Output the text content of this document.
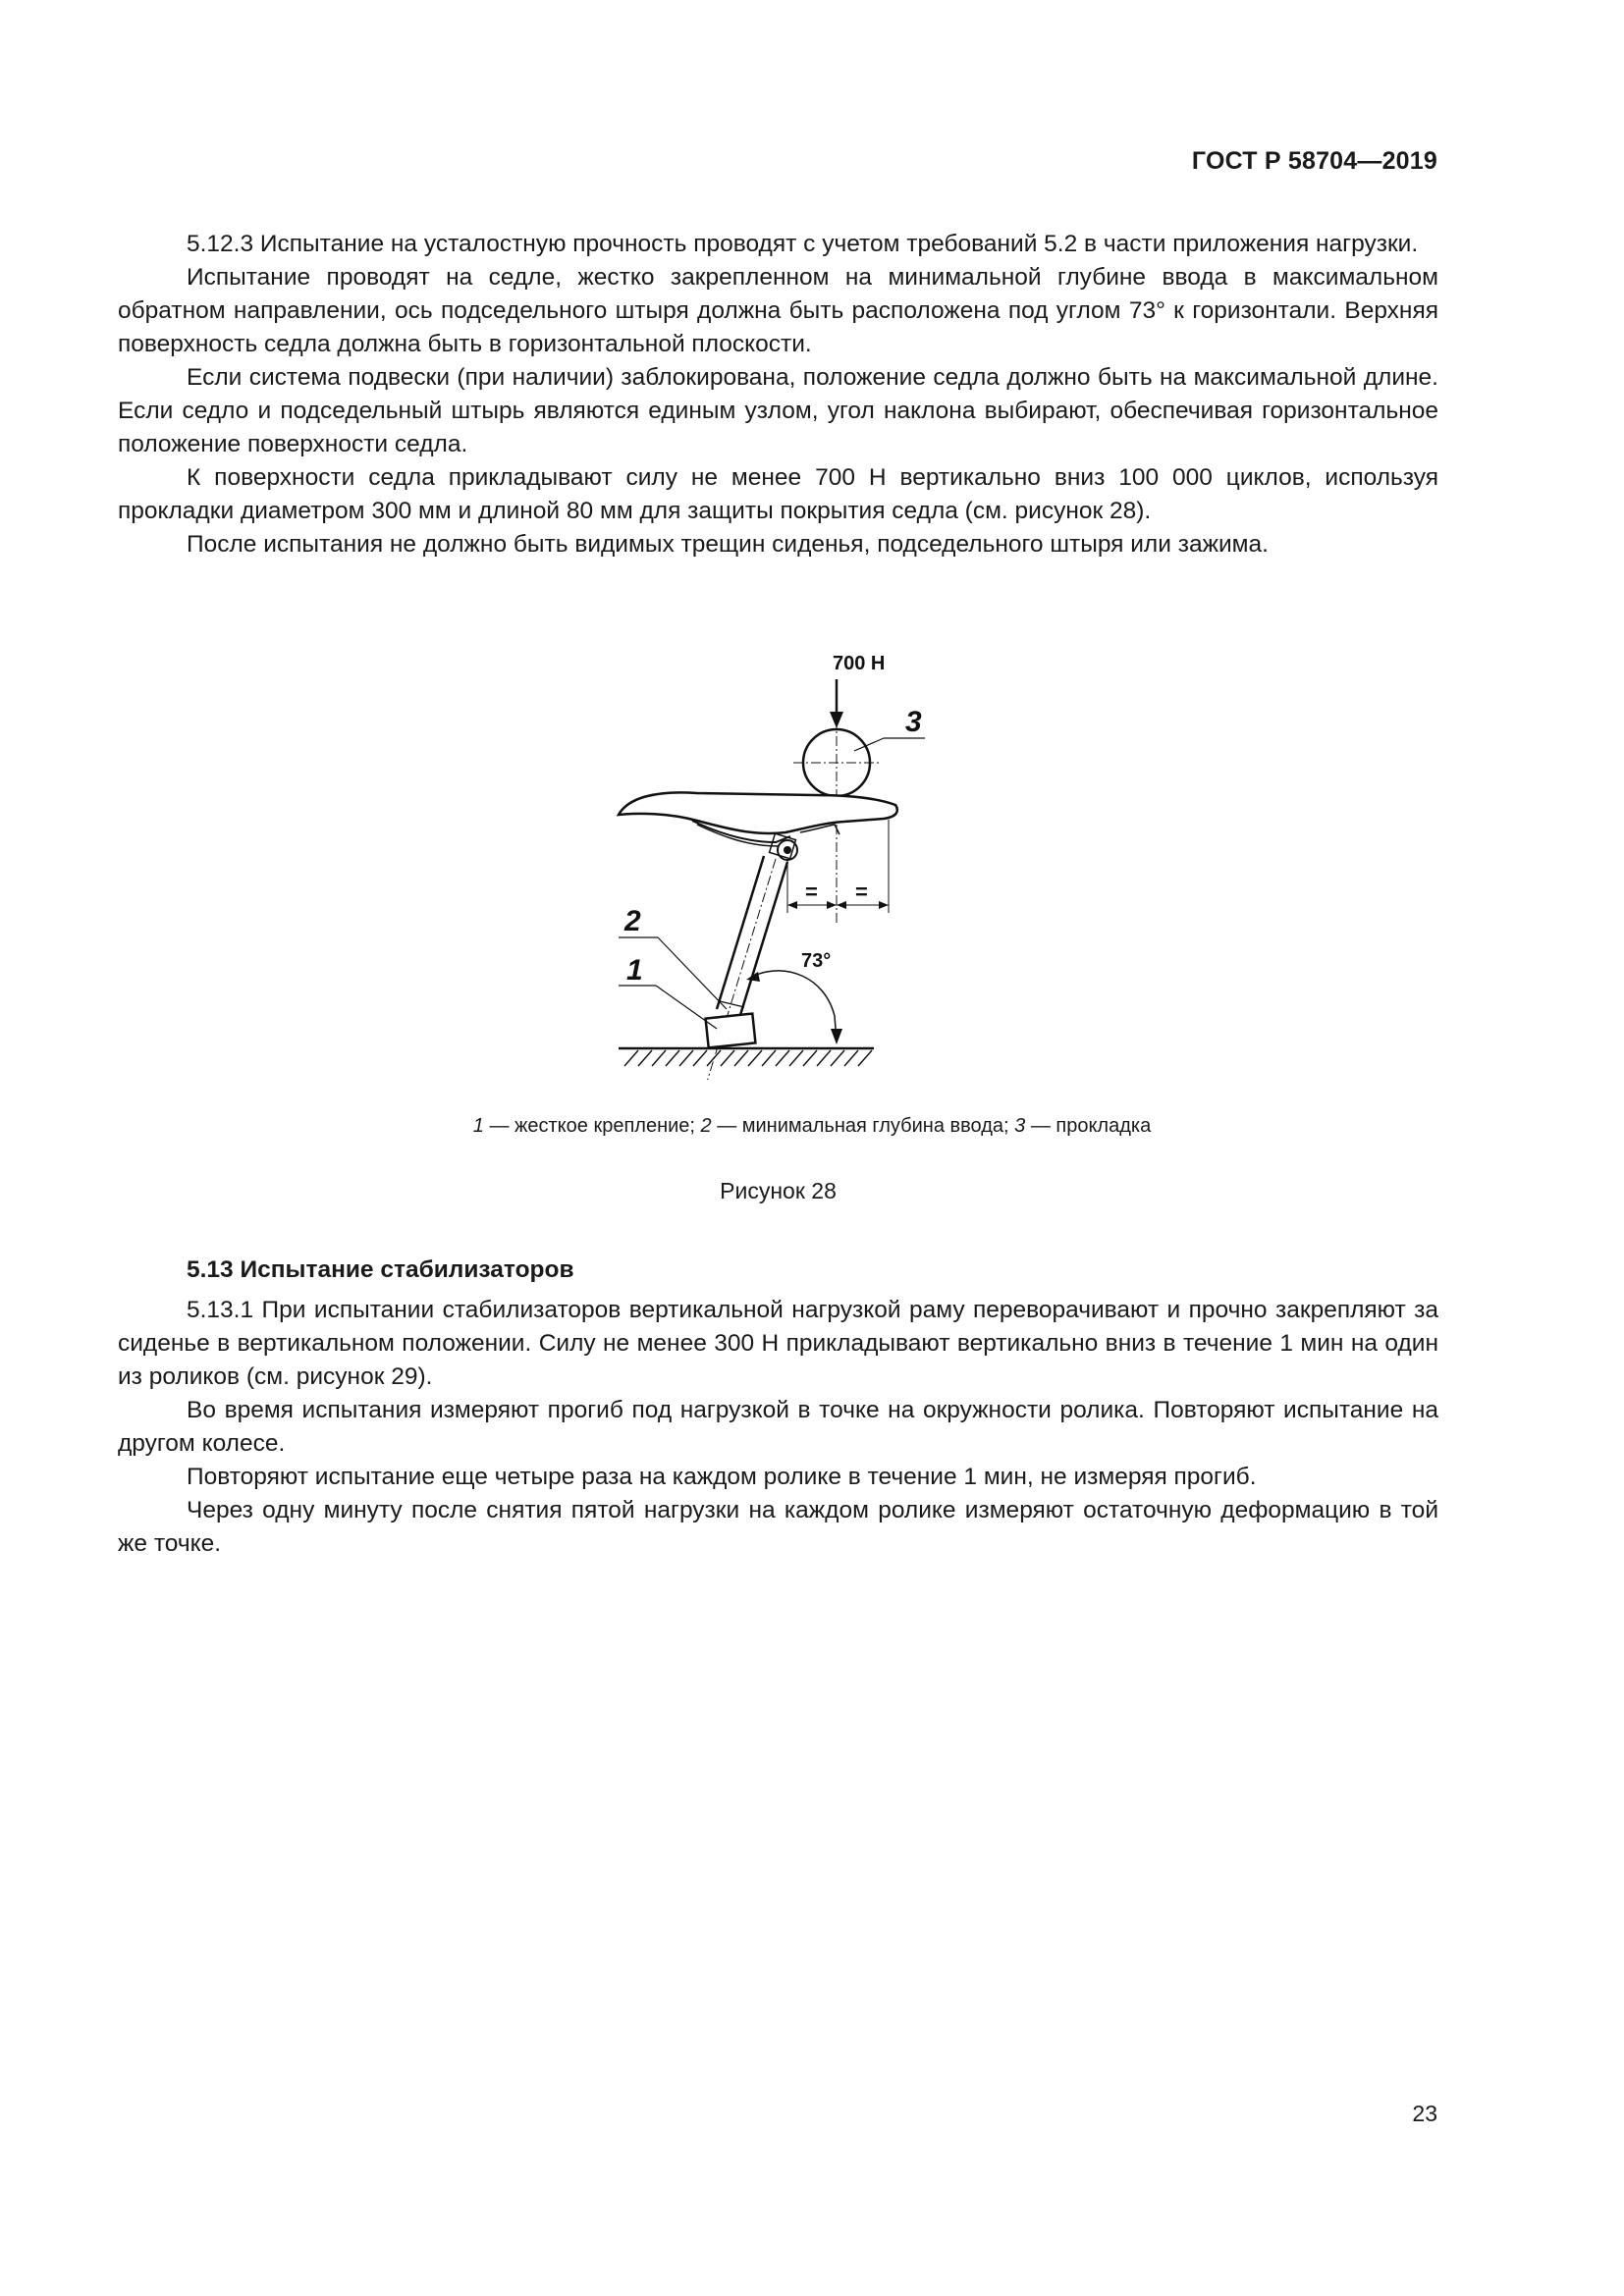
ГОСТ Р 58704—2019

5.12.3 Испытание на усталостную прочность проводят с учетом требований 5.2 в части приложения нагрузки.

Испытание проводят на седле, жестко закрепленном на минимальной глубине ввода в максимальном обратном направлении, ось подседельного штыря должна быть расположена под углом 73° к горизонтали. Верхняя поверхность седла должна быть в горизонтальной плоскости.

Если система подвески (при наличии) заблокирована, положение седла должно быть на максимальной длине. Если седло и подседельный штырь являются единым узлом, угол наклона выбирают, обеспечивая горизонтальное положение поверхности седла.

К поверхности седла прикладывают силу не менее 700 Н вертикально вниз 100 000 циклов, используя прокладки диаметром 300 мм и длиной 80 мм для защиты покрытия седла (см. рисунок 28).

После испытания не должно быть видимых трещин сиденья, подседельного штыря или зажима.

700 Н
3
73°
= =
2
1
1 — жесткое крепление; 2 — минимальная глубина ввода; 3 — прокладка
Рисунок 28
5.13 Испытание стабилизаторов

5.13.1 При испытании стабилизаторов вертикальной нагрузкой раму переворачивают и прочно закрепляют за сиденье в вертикальном положении. Силу не менее 300 Н прикладывают вертикально вниз в течение 1 мин на один из роликов (см. рисунок 29).

Во время испытания измеряют прогиб под нагрузкой в точке на окружности ролика. Повторяют испытание на другом колесе.

Повторяют испытание еще четыре раза на каждом ролике в течение 1 мин, не измеряя прогиб.

Через одну минуту после снятия пятой нагрузки на каждом ролике измеряют остаточную деформацию в той же точке.

23
